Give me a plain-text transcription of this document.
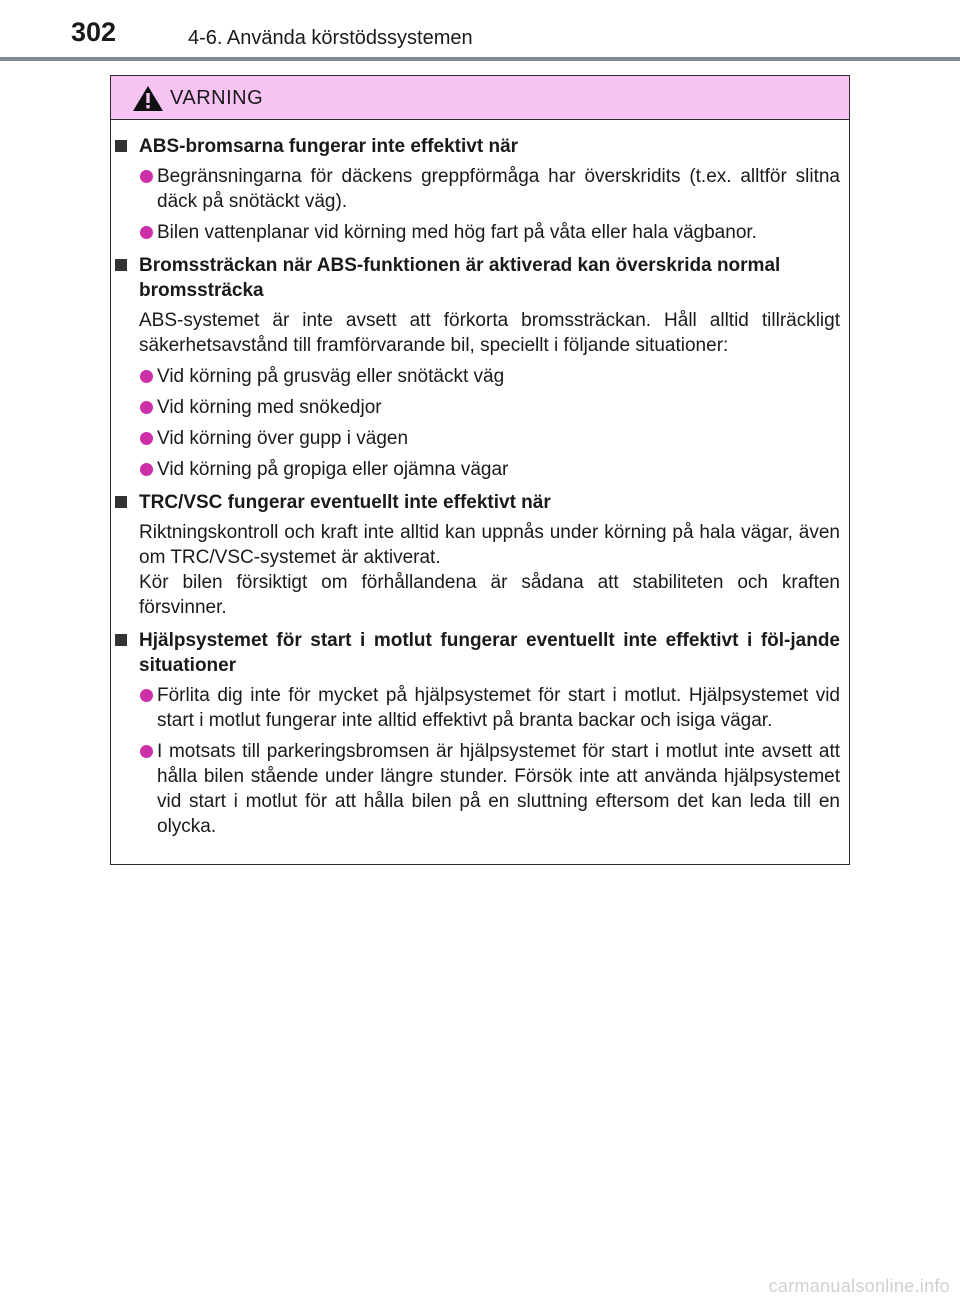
302	4-6. Använda körstödssystemen
VARNING
ABS-bromsarna fungerar inte effektivt när
Begränsningarna för däckens greppförmåga har överskridits (t.ex. alltför slitna däck på snötäckt väg).
Bilen vattenplanar vid körning med hög fart på våta eller hala vägbanor.
Bromssträckan när ABS-funktionen är aktiverad kan överskrida normal bromssträcka
ABS-systemet är inte avsett att förkorta bromssträckan. Håll alltid tillräckligt säkerhetsavstånd till framförvarande bil, speciellt i följande situationer:
Vid körning på grusväg eller snötäckt väg
Vid körning med snökedjor
Vid körning över gupp i vägen
Vid körning på gropiga eller ojämna vägar
TRC/VSC fungerar eventuellt inte effektivt när
Riktningskontroll och kraft inte alltid kan uppnås under körning på hala vägar, även om TRC/VSC-systemet är aktiverat.
Kör bilen försiktigt om förhållandena är sådana att stabiliteten och kraften försvinner.
Hjälpsystemet för start i motlut fungerar eventuellt inte effektivt i föl-jande situationer
Förlita dig inte för mycket på hjälpsystemet för start i motlut. Hjälpsystemet vid start i motlut fungerar inte alltid effektivt på branta backar och isiga vägar.
I motsats till parkeringsbromsen är hjälpsystemet för start i motlut inte avsett att hålla bilen stående under längre stunder. Försök inte att använda hjälpsystemet vid start i motlut för att hålla bilen på en sluttning eftersom det kan leda till en olycka.
carmanualsonline.info
